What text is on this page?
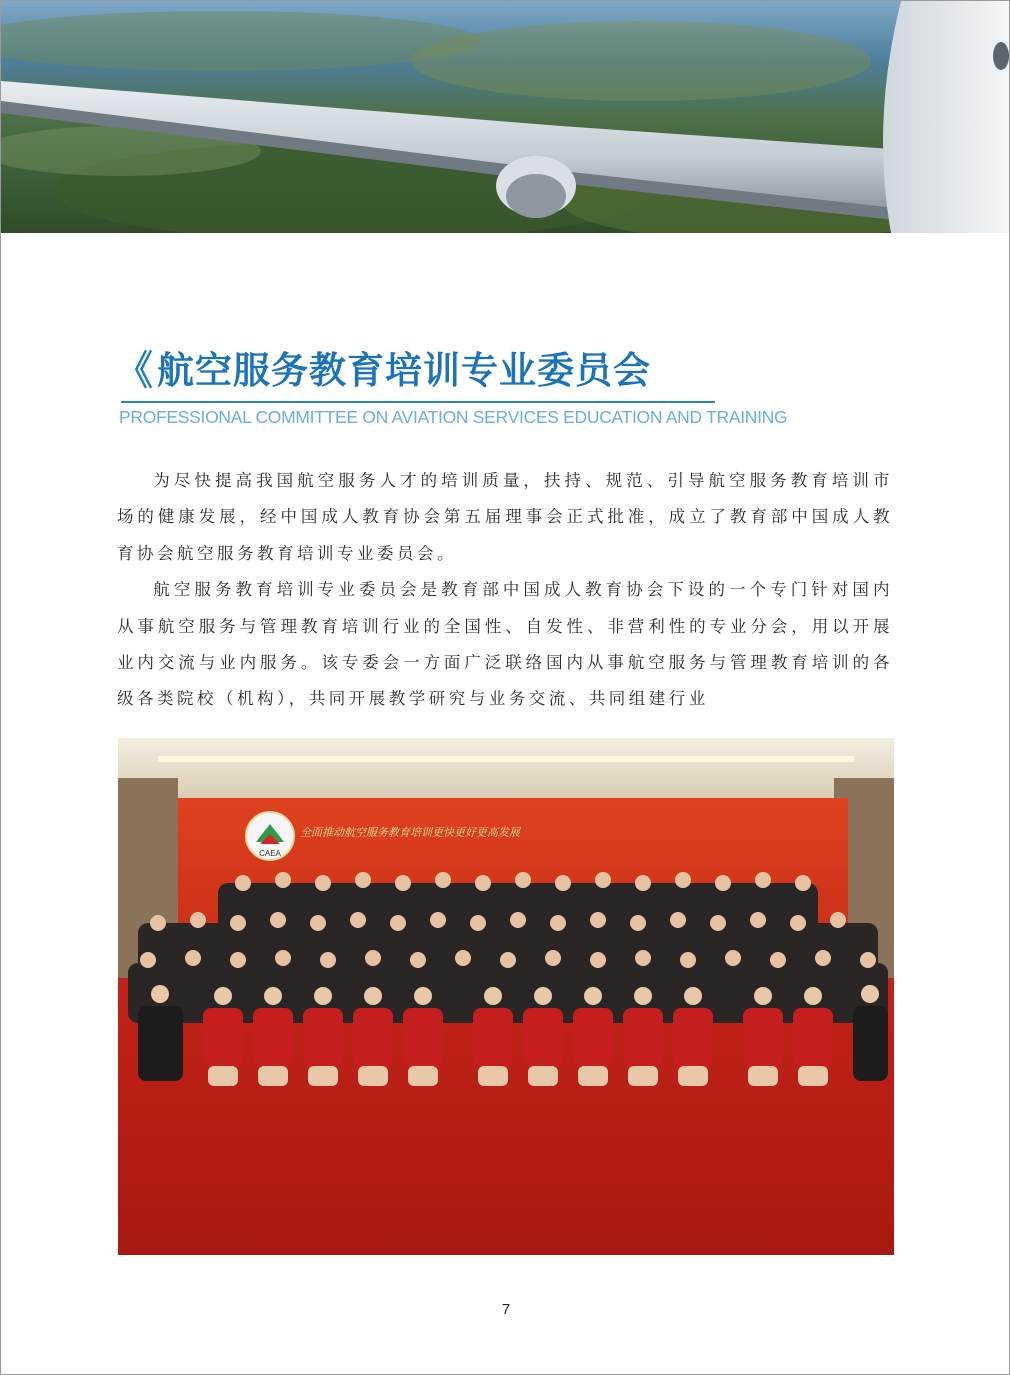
《 航空服务教育培训专业委员会
PROFESSIONAL COMMITTEE ON AVIATION SERVICES EDUCATION AND TRAINING

为尽快提高我国航空服务人才的培训质量，扶持、规范、引导航空服务教育培训市场的健康发展，经中国成人教育协会第五届理事会正式批准，成立了教育部中国成人教育协会航空服务教育培训专业委员会。

航空服务教育培训专业委员会是教育部中国成人教育协会下设的一个专门针对国内从事航空服务与管理教育培训行业的全国性、自发性、非营利性的专业分会，用以开展业内交流与业内服务。该专委会一方面广泛联络国内从事航空服务与管理教育培训的各级各类院校（机构），共同开展教学研究与业务交流、共同组建行业

CAEA
全面推动航空服务教育培训更快更好更高发展
7
